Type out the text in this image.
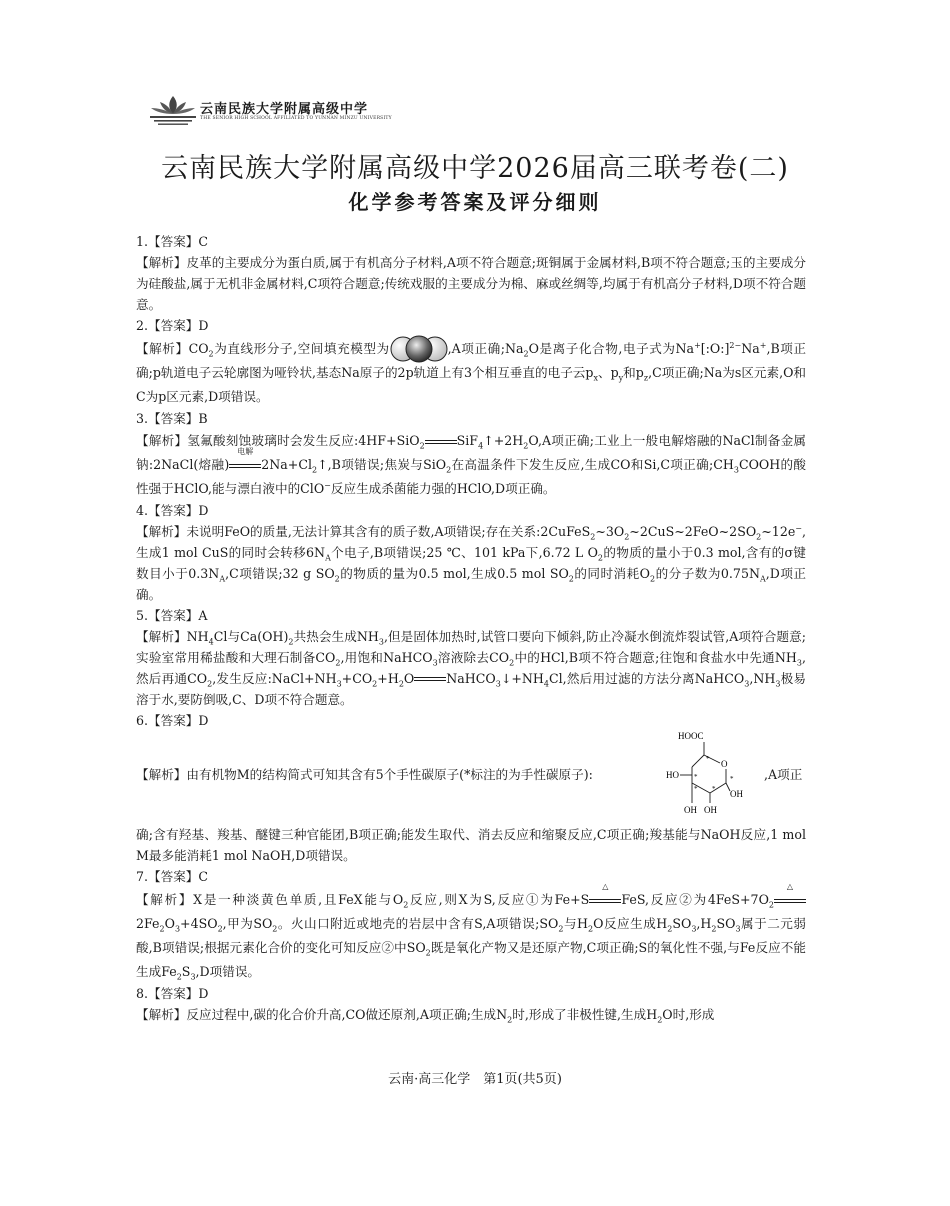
云南民族大学附属高级中学
THE SENIOR HIGH SCHOOL AFFILIATED TO YUNNAN MINZU UNIVERSITY
云南民族大学附属高级中学2026届高三联考卷(二)
化学参考答案及评分细则
1.【答案】C
【解析】皮革的主要成分为蛋白质,属于有机高分子材料,A项不符合题意;斑铜属于金属材料,B项不符合题意;玉的主要成分为硅酸盐,属于无机非金属材料,C项符合题意;传统戏服的主要成分为棉、麻或丝绸等,均属于有机高分子材料,D项不符合题意。
2.【答案】D
【解析】$CO_2$为直线形分子,空间填充模型为	,A项正确$;Na_2O$是离子化合物,电子式为Na+[:O:]$^{2-}$Na+,B项正确;p轨道电子云轮廓图为哑铃状,基态Na原子的2p轨道上有3个相互垂直的电子云$p_x$、$p_y$和$p_z,C$项正确;Na为s区元素,O和C为p区元素,D项错误。
3.【答案】B
【解析】氢氟酸刻蚀玻璃时会发生反应:4HF+SiO$_2$	$SiF_4↑+2H_2O,A$项正确;工业上一般电解熔融的NaCl制备金属钠:2NaCl(熔融)
电解
$2Na+Cl_2↑,B$项错误;焦炭与SiO$_2$在高温条件下发生反应,生成CO和Si,C项正确$;CH_3COOH$的酸性强于HClO,能与漂白液中的ClO−反应生成杀菌能力强的HClO,D项正确。
4.【答案】D
【解析】未说明FeO的质量,无法计算其含有的质子数,A项错误;存在关系$:2CuFeS_2\sim 3O_2\sim 2CuS\sim 2FeO\sim 2SO_2\sim 12e^-$,生成1 mol CuS的同时会转移$6N_A$个电子,B项错误;25 ℃、101 kPa下,6.72 L $O_2$的物质的量小于0.3 mol,含有的σ键数目小于$0.3N_A,C$项错误;32 g $SO_2$的物质的量为0.5 mol,生成0.5 mol $SO_2$的同时消耗$O_2$的分子数为$0.75N_A,D$项正确。
5.【答案】A
【解析】$NH_4Cl$与$Ca(OH)_2$共热会生成$NH_3$,但是固体加热时,试管口要向下倾斜,防止冷凝水倒流炸裂试管,A项符合题意;实验室常用稀盐酸和大理石制备$CO_2$,用饱和NaHCO$_3$溶液除去$CO_2$中的HCl,B项不符合题意;往饱和食盐水中先通$NH_3$,然后再通$CO_2$,发生反应$:NaCl+NH_3+CO_2+H_2O$	$NaHCO_3↓+NH_4Cl$,然后用过滤的方法分离$NaHCO_3,NH_3$极易溶于水,要防倒吸,C、D项不符合题意。
6.【答案】D
【解析】由有机物M的结构简式可知其含有5个手性碳原子(*标注的为手性碳原子):
HOOC
O
HO
OH
OH OH
*
*
* *
* ,A项正
确;含有羟基、羧基、醚键三种官能团,B项正确;能发生取代、消去反应和缩聚反应,C项正确;羧基能与NaOH反应,1 mol M最多能消耗1 mol NaOH,D项错误。
7.【答案】C
【解析】X是一种淡黄色单质,且FeX能与$O_2$反应,则X为S,反应①为Fe+S
△
FeS,反应②为$4FeS+7O_2$
△
$2Fe_2O_3+4SO_2$,甲为$SO_2$。火山口附近或地壳的岩层中含有S,A项错误$;SO_2$与$H_2O$反应生成$H_2SO_3,H_2SO_3$属于二元弱酸,B项错误;根据元素化合价的变化可知反应②中$SO_2$既是氧化产物又是还原产物,C项正确;S的氧化性不强,与Fe反应不能生成$Fe_2S_3,D$项错误。
8.【答案】D
【解析】反应过程中,碳的化合价升高,CO做还原剂,A项正确;生成$N_2$时,形成了非极性键,生成$H_2O$时,形成
云南·高三化学　第1页(共5页)
